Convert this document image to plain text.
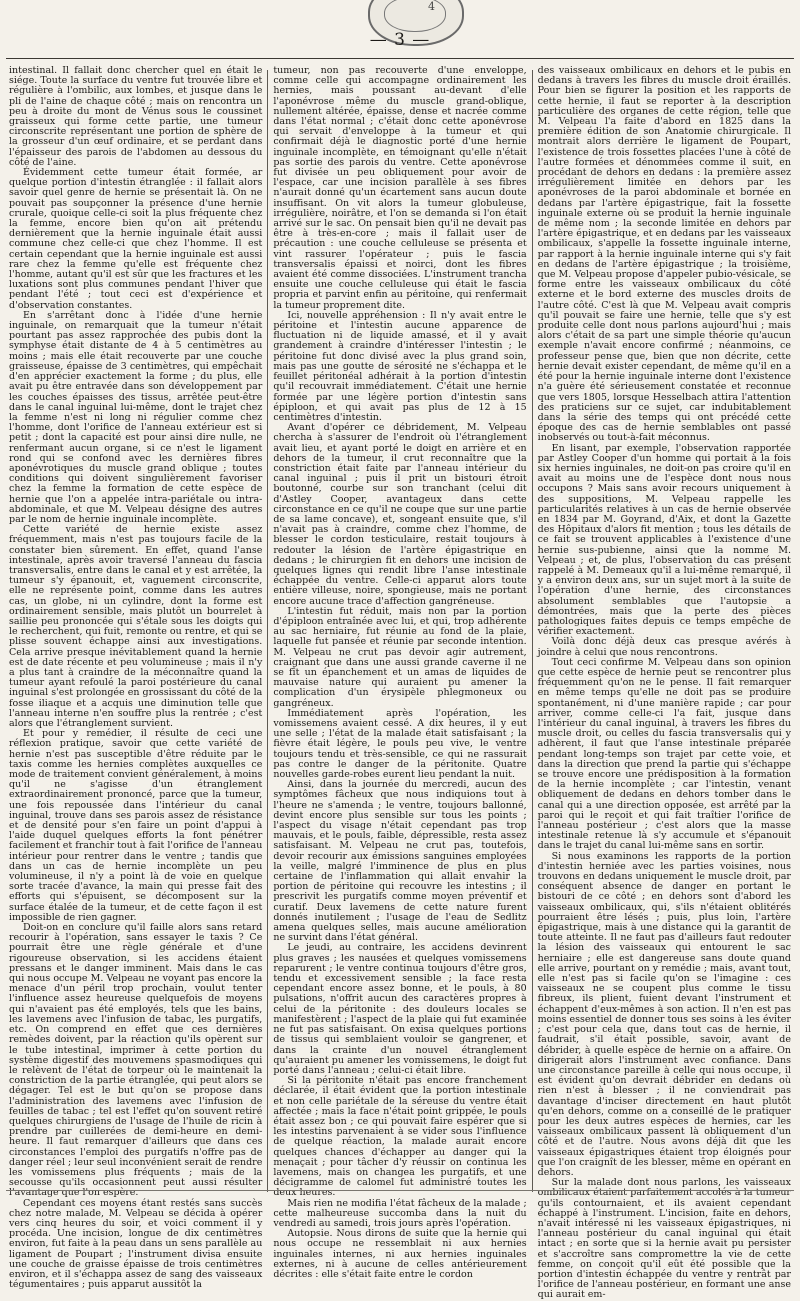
4
— 3 —

intestinal. Il fallait donc chercher quel en était le siége. Toute la surface du ventre fut trouvée libre et régulière à l'ombilic, aux lombes, et jusque dans le pli de l'aine de chaque côté ; mais on rencontra un peu à droite du mont de Vénus sous le coussinet graisseux qui forme cette partie, une tumeur circonscrite représentant une portion de sphère de la grosseur d'un œuf ordinaire, et se perdant dans l'épaisseur des parois de l'abdomen au dessous du côté de l'aine.

Évidemment cette tumeur était formée, ar quelque portion d'intestin étranglée : il fallait alors savoir quel genre de hernie se présentait là. On ne pouvait pas soupçonner la présence d'une hernie crurale, quoique celle-ci soit la plus fréquente chez la femme, encore bien qu'on ait prétendu dernièrement que la hernie inguinale était aussi commune chez celle-ci que chez l'homme. Il est certain cependant que la hernie inguinale est aussi rare chez la femme qu'elle est fréquente chez l'homme, autant qu'il est sûr que les fractures et les luxations sont plus communes pendant l'hiver que pendant l'été ; tout ceci est d'expérience et d'observation constantes.

En s'arrêtant donc à l'idée d'une hernie inguinale, on remarquait que la tumeur n'était pourtant pas assez rapprochée des pubis dont la symphyse était distante de 4 à 5 centimètres au moins ; mais elle était recouverte par une couche graisseuse, épaisse de 3 centimètres, qui empêchait d'en apprécier exactement la forme ; du plus, elle avait pu être entravée dans son développement par les couches épaisses des tissus, arrêtée peut-être dans le canal inguinal lui-même, dont le trajet chez la femme n'est ni long ni régulier comme chez l'homme, dont l'orifice de l'anneau extérieur est si petit ; dont la capacité est pour ainsi dire nulle, ne renfermant aucun organe, si ce n'est le ligament rond qui se confond avec les dernières fibres aponévrotiques du muscle grand oblique ; toutes conditions qui doivent singulièrement favoriser chez la femme la formation de cette espèce de hernie que l'on a appelée intra-pariétale ou intra-abdominale, et que M. Velpeau désigne des autres par le nom de hernie inguinale incomplète.

Cette variété de hernie existe assez fréquemment, mais n'est pas toujours facile de la constater bien sûrement. En effet, quand l'anse intestinale, après avoir traversé l'anneau du fascia transversalis, entre dans le canal et y est arrêtée, la tumeur s'y épanouit, et, vaguement circonscrite, elle ne représente point, comme dans les autres cas, un globe, ni un cylindre, dont la forme est ordinairement sensible, mais plutôt un bourrelet à saillie peu prononcée qui s'étale sous les doigts qui le recherchent, qui fuit, remonte ou rentre, et qui se plisse souvent échappe ainsi aux investigations. Cela arrive presque inévitablement quand la hernie est de date récente et peu volumineuse ; mais il n'y a plus tant à craindre de la méconnaître quand la tumeur ayant refoulé la paroi postérieure du canal inguinal s'est prolongée en grossissant du côté de la fosse iliaque et a acquis une diminution telle que l'anneau interne n'en souffre plus la rentrée ; c'est alors que l'étranglement survient.

Et pour y remédier, il résulte de ceci une réflexion pratique, savoir que cette variété de hernie n'est pas susceptible d'être réduite par le taxis comme les hernies complètes auxquelles ce mode de traitement convient généralement, à moins qu'il ne s'agisse d'un étranglement extraordinairement prononcé, parce que la tumeur, une fois repoussée dans l'intérieur du canal inguinal, trouve dans ses parois assez de résistance et de densité pour s'en faire un point d'appui à l'aide duquel quelques efforts la font pénétrer facilement et franchir tout à fait l'orifice de l'anneau intérieur pour rentrer dans le ventre ; tandis que dans un cas de hernie incomplète un peu volumineuse, il n'y a point là de voie en quelque sorte tracée d'avance, la main qui presse fait des efforts qui s'épuisent, se décomposent sur la surface étalée de la tumeur, et de cette façon il est impossible de rien gagner.

Doit-on en conclure qu'il faille alors sans retard recourir à l'opération, sans essayer le taxis ? Ce pourrait être une règle générale et d'une rigoureuse observation, si les accidens étaient pressans et le danger imminent. Mais dans le cas qui nous occupe M. Velpeau ne voyant pas encore la menace d'un péril trop prochain, voulut tenter l'influence assez heureuse quelquefois de moyens qui n'avaient pas été employés, tels que les bains, les lavemens avec l'infusion de tabac, les purgatifs, etc. On comprend en effet que ces dernières remèdes doivent, par la réaction qu'ils opèrent sur le tube intestinal, imprimer à cette portion du système digestif des mouvemens spasmodiques qui le relèvent de l'état de torpeur où le maintenait la constriction de la partie étranglée, qui peut alors se dégager. Tel est le but qu'on se propose dans l'administration des lavemens avec l'infusion de feuilles de tabac ; tel est l'effet qu'on souvent retiré quelques chirurgiens de l'usage de l'huile de ricin à prendre par cuillerées de demi-heure en demi-heure. Il faut remarquer d'ailleurs que dans ces circonstances l'emploi des purgatifs n'offre pas de danger réel ; leur seul inconvénient serait de rendre les vomissemens plus fréquents ; mais de la secousse qu'ils occasionnent peut aussi résulter l'avantage que l'on espère.

Cependant ces moyens étant restés sans succès chez notre malade, M. Velpeau se décida à opérer vers cinq heures du soir, et voici comment il y procéda. Une incision, longue de dix centimètres environ, fut faite à la peau dans un sens parallèle au ligament de Poupart ; l'instrument divisa ensuite une couche de graisse épaisse de trois centimètres environ, et il s'échappa assez de sang des vaisseaux tégumentaires ; puis apparut aussitôt la

tumeur, non pas recouverte d'une enveloppe, comme celle qui accompagne ordinairement les hernies, mais poussant au-devant d'elle l'aponévrose même du muscle grand-oblique, nullement altérée, épaisse, dense et nacrée comme dans l'état normal ; c'était donc cette aponévrose qui servait d'enveloppe à la tumeur et qui confirmait déjà le diagnostic porté d'une hernie inguinale incomplète, en témoignant qu'elle n'était pas sortie des parois du ventre. Cette aponévrose fut divisée un peu obliquement pour avoir de l'espace, car une incision parallèle à ses fibres n'aurait donné qu'un écartement sans aucun doute insuffisant. On vit alors la tumeur globuleuse, irrégulière, noirâtre, et l'on se demanda si l'on était arrivé sur le sac. On pensait bien qu'il ne devait pas être à très-en-core ; mais il fallait user de précaution : une couche celluleuse se présenta et vint rassurer l'opérateur ; puis le fascia transversalis épaissi et noirci, dont les fibres avaient été comme dissociées. L'instrument trancha ensuite une couche celluleuse qui était le fascia propria et parvint enfin au péritoine, qui renfermait la tumeur proprement dite.

Ici, nouvelle appréhension : Il n'y avait entre le péritoine et l'intestin aucune apparence de fluctuation ni de liquide amassé, et il y avait grandement à craindre d'intéresser l'intestin ; le péritoine fut donc divisé avec la plus grand soin, mais pas une goutte de sérosité ne s'échappa et le feuillet péritonéal adhérait à la portion d'intestin qu'il recouvrait immédiatement. C'était une hernie formée par une légère portion d'intestin sans épiploon, et qui avait pas plus de 12 à 15 centimètres d'intestin.

Avant d'opérer ce débridement, M. Velpeau chercha à s'assurer de l'endroit où l'étranglement avait lieu, et ayant porté le doigt en arrière et en dehors de la tumeur, il crut reconnaître que la constriction était faite par l'anneau intérieur du canal inguinal ; puis il prit un bistouri étroit boutonné, courbe sur son tranchant (celui dit d'Astley Cooper, avantageux dans cette circonstance en ce qu'il ne coupe que sur une partie de sa lame concave), et, songeant ensuite que, s'il n'avait pas à craindre, comme chez l'homme, de blesser le cordon testiculaire, restait toujours à redouter la lésion de l'artère épigastrique en dedans ; le chirurgien fit en dehors une incision de quelques lignes qui rendit libre l'anse intestinale échappée du ventre. Celle-ci apparut alors toute entière villeuse, noire, spongieuse, mais ne portant encore aucune trace d'affection gangréneuse.

L'intestin fut réduit, mais non par la portion d'épiploon entraînée avec lui, et qui, trop adhérente au sac herniaire, fut réunie au fond de la plaie, laquelle fut pansée et réunie par seconde intention. M. Velpeau ne crut pas devoir agir autrement, craignant que dans une aussi grande caverne il ne se fît un épanchement et un amas de liquides de mauvaise nature qui auraient pu amener la complication d'un érysipèle phlegmoneux ou gangréneux.

Immédiatement après l'opération, les vomissemens avaient cessé. A dix heures, il y eut une selle ; l'état de la malade était satisfaisant ; la fièvre était légère, le pouls peu vive, le ventre toujours tendu et très-sensible, ce qui ne rassurait pas contre le danger de la péritonite. Quatre nouvelles garde-robes eurent lieu pendant la nuit.

Ainsi, dans la journée du mercredi, aucun des symptômes fâcheux que nous indiquions tout à l'heure ne s'amenda ; le ventre, toujours ballonné, devint encore plus sensible sur tous les points ; l'aspect du visage n'était cependant pas trop mauvais, et le pouls, faible, dépressible, resta assez satisfaisant. M. Velpeau ne crut pas, toutefois, devoir recourir aux émissions sanguines employées la veille, malgré l'imminence de plus en plus certaine de l'inflammation qui allait envahir la portion de péritoine qui recouvre les intestins ; il prescrivit les purgatifs comme moyen préventif et curatif. Deux lavemens de cette nature furent donnés inutilement ; l'usage de l'eau de Sedlitz amena quelques selles, mais aucune amélioration ne survint dans l'état général.

Le jeudi, au contraire, les accidens devinrent plus graves ; les nausées et quelques vomissemens reparurent ; le ventre continua toujours d'être gros, tendu et excessivement sensible ; la face resta cependant encore assez bonne, et le pouls, à 80 pulsations, n'offrit aucun des caractères propres à celui de la péritonite : des douleurs locales se manifestèrent ; l'aspect de la plaie qui fut examinée ne fut pas satisfaisant. On exisa quelques portions de tissus qui semblaient vouloir se gangrener, et dans la crainte d'un nouvel étranglement qu'auraient pu amener les vomissemens, le doigt fut porté dans l'anneau ; celui-ci était libre.

Si la péritonite n'était pas encore franchement déclarée, il était évident que la portion intestinale et non celle pariétale de la séreuse du ventre était affectée ; mais la face n'était point grippée, le pouls était assez bon ; ce qui pouvait faire espérer que si les intestins parvenaient à se vider sous l'influence de quelque réaction, la malade aurait encore quelques chances d'échapper au danger qui la menaçait ; pour tâcher d'y réussir on continua les lavemens, mais on changea les purgatifs, et une décigramme de calomel fut administré toutes les deux heures.

Mais rien ne modifia l'état fâcheux de la malade ; cette malheureuse succomba dans la nuit du vendredi au samedi, trois jours après l'opération.

Autopsie. Nous dirons de suite que la hernie qui nous occupe ne ressemblait ni aux hernies inguinales internes, ni aux hernies inguinales externes, ni à aucune de celles antérieurement décrites : elle s'était faite entre le cordon

des vaisseaux ombilicaux en dehors et le pubis en dedans à travers les fibres du muscle droit éraillés. Pour bien se figurer la position et les rapports de cette hernie, il faut se reporter à la description particulière des organes de cette région, telle que M. Velpeau l'a faite d'abord en 1825 dans la première édition de son Anatomie chirurgicale. Il montrait alors derrière le ligament de Poupart, l'existence de trois fossettes placées l'une à côté de l'autre formées et dénommées comme il suit, en procédant de dehors en dedans : la première assez irrégulièrement limitée en dehors par les aponévroses de la paroi abdominale et bornée en dedans par l'artère épigastrique, fait la fossette inguinale externe où se produit la hernie inguinale de même nom ; la seconde limitée en dehors par l'artère épigastrique, et en dedans par les vaisseaux ombilicaux, s'appelle la fossette inguinale interne, par rapport à la hernie inguinale interne qui s'y fait en dedans de l'artère épigastrique ; la troisième, que M. Velpeau propose d'appeler pubio-vésicale, se forme entre les vaisseaux ombilicaux du côté externe et le bord externe des muscles droits de l'autre côté. C'est là que M. Velpeau avait compris qu'il pouvait se faire une hernie, telle que s'y est produite celle dont nous parlons aujourd'hui ; mais alors c'était de sa part une simple théorie qu'aucun exemple n'avait encore confirmé ; néanmoins, ce professeur pense que, bien que non décrite, cette hernie devait exister cependant, de même qu'il en a été pour la hernie inguinale interne dont l'existence n'a guère été sérieusement constatée et reconnue que vers 1805, lorsque Hesselbach attira l'attention des praticiens sur ce sujet, car indubitablement dans la série des temps qui ont précédé cette époque des cas de hernie semblables ont passé inobservés ou tout-à-fait méconnus.

En lisant, par exemple, l'observation rapportée par Astley Cooper d'un homme qui portait à la fois six hernies inguinales, ne doit-on pas croire qu'il en avait au moins une de l'espèce dont nous nous occupons ? Mais sans avoir recours uniquement à des suppositions, M. Velpeau rappelle les particularités relatives à un cas de hernie observée en 1834 par M. Goyrand, d'Aix, et dont la Gazette des Hôpitaux d'alors fit mention ; tous les détails de ce fait se trouvent applicables à l'existence d'une hernie sus-pubienne, ainsi que la nomme M. Velpeau ; et, de plus, l'observation du cas présent rappelé à M. Demeaux qu'il a lui-même remarqué, il y a environ deux ans, sur un sujet mort à la suite de l'opération d'une hernie, des circonstances absolument semblables que l'autopsie a démontrées, mais que la perte des pièces pathologiques faites depuis ce temps empêche de vérifier exactement.

Voilà donc déjà deux cas presque avérés à joindre à celui que nous rencontrons.

Tout ceci confirme M. Velpeau dans son opinion que cette espèce de hernie peut se rencontrer plus fréquemment qu'on ne le pense. Il fait remarquer en même temps qu'elle ne doit pas se produire spontanément, ni d'une manière rapide ; car pour arriver, comme celle-ci l'a fait, jusque dans l'intérieur du canal inguinal, à travers les fibres du muscle droit, ou celles du fascia transversalis qui y adhèrent, il faut que l'anse intestinale préparée pendant long-temps son trajet par cette voie, et dans la direction que prend la partie qui s'échappe se trouve encore une prédisposition à la formation de la hernie incomplète ; car l'intestin, venant obliquement de dedans en dehors tomber dans le canal qui a une direction opposée, est arrêté par la paroi qui le reçoit et qui fait traîtier l'orifice de l'anneau postérieur ; c'est alors que la masse intestinale retenue là s'y accumule et s'épanouit dans le trajet du canal lui-même sans en sortir.

Si nous examinons les rapports de la portion d'intestin herniée avec les parties voisines, nous trouvons en dedans uniquement le muscle droit, par conséquent absence de danger en portant le bistouri de ce côté ; en dehors sont d'abord les vaisseaux ombilicaux, qui, s'ils n'étaient oblitérés pourraient être lésés ; puis, plus loin, l'artère épigastrique, mais à une distance qui la garantit de toute atteinte. Il ne faut pas d'ailleurs faut redouter la lésion des vaisseaux qui entourent le sac herniaire ; elle est dangereuse sans doute quand elle arrive, pourtant on y remédie ; mais, avant tout, elle n'est pas si facile qu'on se l'imagine : ces vaisseaux ne se coupent plus comme le tissu fibreux, ils plient, fuient devant l'instrument et échappent d'eux-mêmes à son action. Il n'en est pas moins essentiel de donner tous ses soins à les éviter ; c'est pour cela que, dans tout cas de hernie, il faudrait, s'il était possible, savoir, avant de débrider, à quelle espèce de hernie on a affaire. On dirigerait alors l'instrument avec confiance. Dans une circonstance pareille à celle qui nous occupe, il est évident qu'on devrait débrider en dedans où rien n'est à blesser ; il ne conviendrait pas davantage d'inciser directement en haut plutôt qu'en dehors, comme on a conseillé de le pratiquer pour les deux autres espèces de hernies, car les vaisseaux ombilicaux passent là obliquement d'un côté et de l'autre. Nous avons déjà dit que les vaisseaux épigastriques étaient trop éloignés pour que l'on craignît de les blesser, même en opérant en dehors.

Sur la malade dont nous parlons, les vaisseaux ombilicaux étaient parfaitement accolés à la tumeur qu'ils contournaient, et ils avaient cependant échappé à l'instrument. L'incision, faite en dehors, n'avait intéressé ni les vaisseaux épigastriques, ni l'anneau postérieur du canal inguinal qui était intact ; en sorte que si la hernie avait pu persister et s'accroître sans compromettre la vie de cette femme, on conçoit qu'il eût été possible que la portion d'intestin échappée du ventre y rentrât par l'orifice de l'anneau postérieur, en formant une anse qui aurait em-
